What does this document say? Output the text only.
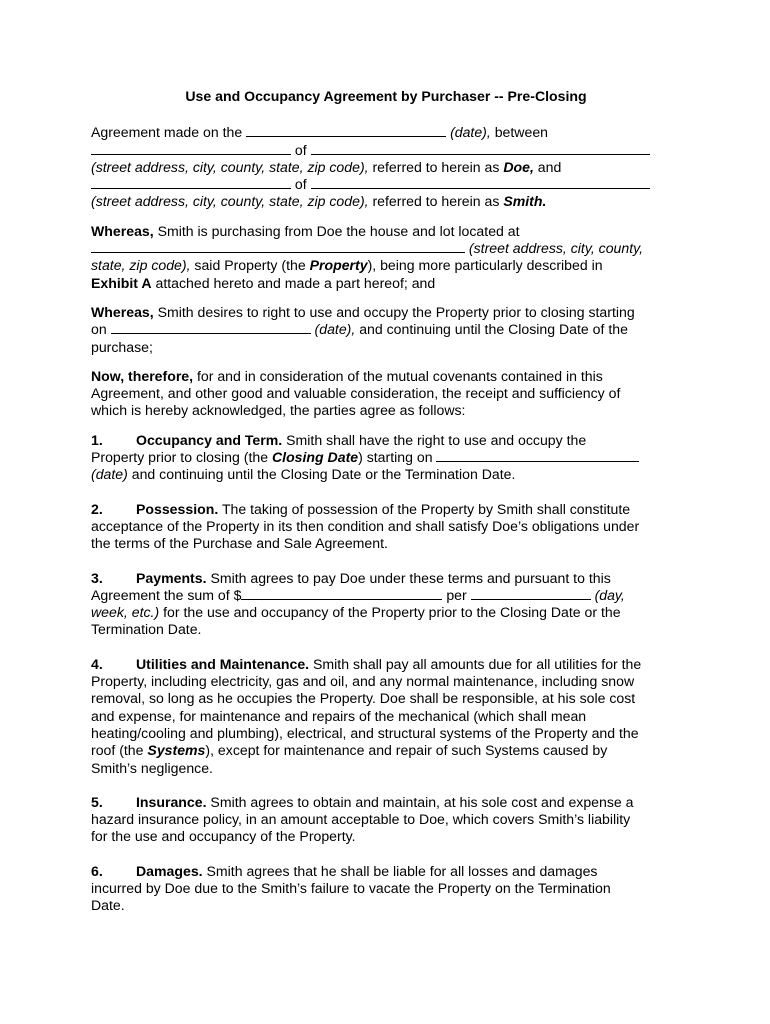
Use and Occupancy Agreement by Purchaser -- Pre-Closing

Agreement made on the	(date), between
of
(street address, city, county, state, zip code), referred to herein as Doe, and
of
(street address, city, county, state, zip code), referred to herein as Smith.

Whereas, Smith is purchasing from Doe the house and lot located at
(street address, city, county,
state, zip code), said Property (the Property), being more particularly described in
Exhibit A attached hereto and made a part hereof; and

Whereas, Smith desires to right to use and occupy the Property prior to closing starting
on	(date), and continuing until the Closing Date of the
purchase;

Now, therefore, for and in consideration of the mutual covenants contained in this
Agreement, and other good and valuable consideration, the receipt and sufficiency of
which is hereby acknowledged, the parties agree as follows:

1. Occupancy and Term. Smith shall have the right to use and occupy the
Property prior to closing (the Closing Date) starting on
(date) and continuing until the Closing Date or the Termination Date.

2. Possession. The taking of possession of the Property by Smith shall constitute
acceptance of the Property in its then condition and shall satisfy Doe’s obligations under
the terms of the Purchase and Sale Agreement.

3. Payments. Smith agrees to pay Doe under these terms and pursuant to this
Agreement the sum of $	per	(day,
week, etc.) for the use and occupancy of the Property prior to the Closing Date or the
Termination Date.

4. Utilities and Maintenance. Smith shall pay all amounts due for all utilities for the
Property, including electricity, gas and oil, and any normal maintenance, including snow
removal, so long as he occupies the Property. Doe shall be responsible, at his sole cost
and expense, for maintenance and repairs of the mechanical (which shall mean
heating/cooling and plumbing), electrical, and structural systems of the Property and the
roof (the Systems), except for maintenance and repair of such Systems caused by
Smith’s negligence.

5. Insurance. Smith agrees to obtain and maintain, at his sole cost and expense a
hazard insurance policy, in an amount acceptable to Doe, which covers Smith’s liability
for the use and occupancy of the Property.

6. Damages. Smith agrees that he shall be liable for all losses and damages
incurred by Doe due to the Smith’s failure to vacate the Property on the Termination
Date.
